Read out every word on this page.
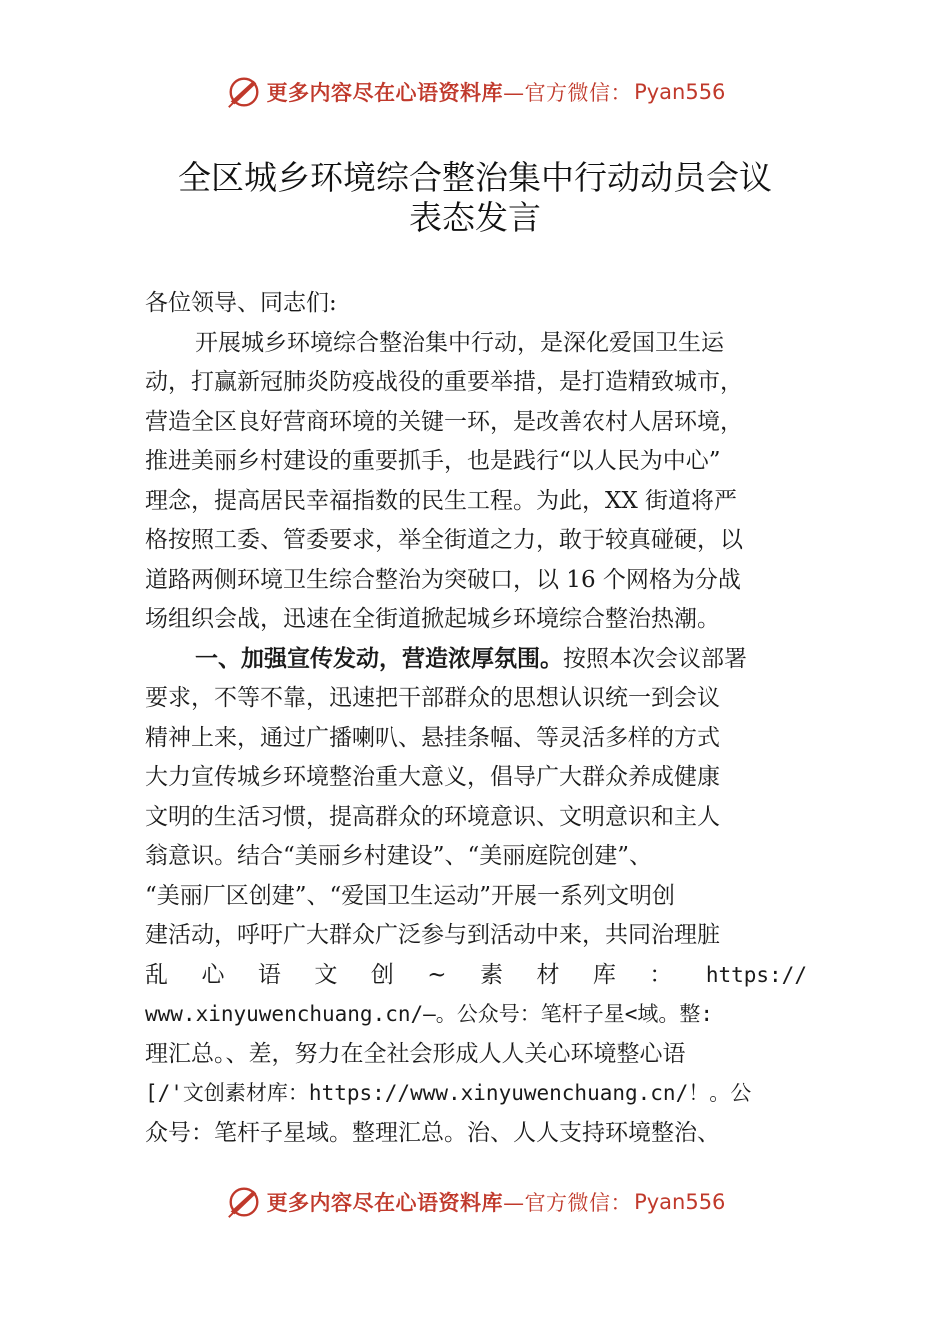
更多内容尽在心语资料库 —官方微信： Pyan556
全区城乡环境综合整治集中行动动员会议
表态发言
各位领导、同志们:
开展城乡环境综合整治集中行动，是深化爱国卫生运
动，打赢新冠肺炎防疫战役的重要举措，是打造精致城市，
营造全区良好营商环境的关键一环，是改善农村人居环境，
推进美丽乡村建设的重要抓手，也是践行“以人民为中心”
理念，提高居民幸福指数的民生工程。为此，XX 街道将严
格按照工委、管委要求，举全街道之力，敢于较真碰硬，以
道路两侧环境卫生综合整治为突破口，以 16 个网格为分战
场组织会战，迅速在全街道掀起城乡环境综合整治热潮。
一、加强宣传发动，营造浓厚氛围。 按照本次会议部署
要求，不等不靠，迅速把干部群众的思想认识统一到会议
精神上来，通过广播喇叭、悬挂条幅、等灵活多样的方式
大力宣传城乡环境整治重大意义，倡导广大群众养成健康
文明的生活习惯，提高群众的环境意识、文明意识和主人
翁意识。结合“美丽乡村建设”、“美丽庭院创建”、
“美丽厂区创建”、“爱国卫生运动”开展一系列文明创
建活动，呼吁广大群众广泛参与到活动中来，共同治理脏
乱 心 语 文 创 ~ 素 材 库 ： https://
www.xinyuwenchuang.cn/—。公众号：笔杆子星<域。整:
理汇总。、差，努力在全社会形成人人关心环境整心语
[/'文创素材库：https://www.xinyuwenchuang.cn/！。公
众号：笔杆子星域。整理汇总。治、人人支持环境整治、
更多内容尽在心语资料库 —官方微信： Pyan556
